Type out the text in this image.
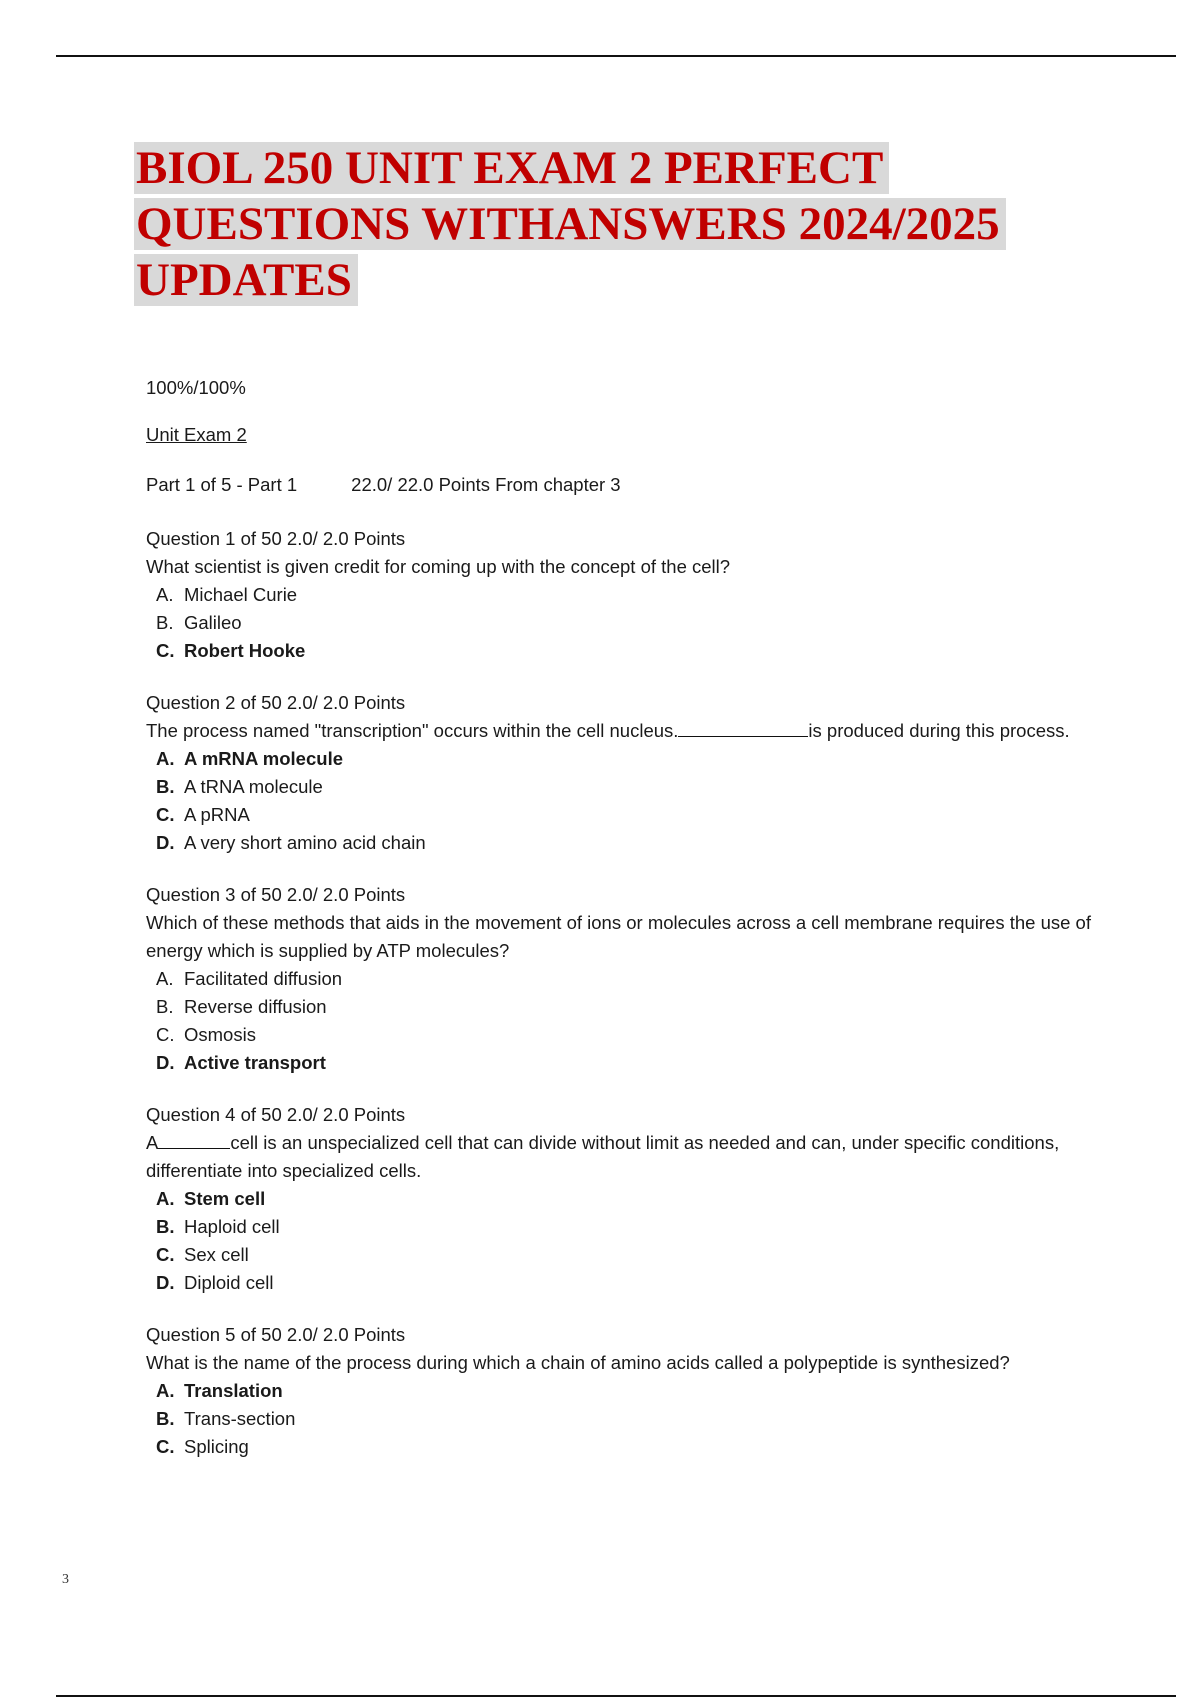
BIOL 250 UNIT EXAM 2 PERFECT
QUESTIONS WITHANSWERS 2024/2025
UPDATES

100%/100%

Unit Exam 2

Part 1 of 5 - Part 1	22.0/ 22.0 Points From chapter 3

Question 1 of 50 2.0/ 2.0 Points

What scientist is given credit for coming up with the concept of the cell?

A. Michael Curie
B. Galileo
C. Robert Hooke

Question 2 of 50 2.0/ 2.0 Points

The process named "transcription" occurs within the cell nucleus.	is produced during this process.

A. A mRNA molecule
B. A tRNA molecule
C. A pRNA
D. A very short amino acid chain

Question 3 of 50 2.0/ 2.0 Points

Which of these methods that aids in the movement of ions or molecules across a cell membrane requires the use of energy which is supplied by ATP molecules?

A. Facilitated diffusion
B. Reverse diffusion
C. Osmosis
D. Active transport

Question 4 of 50 2.0/ 2.0 Points

A	cell is an unspecialized cell that can divide without limit as needed and can, under specific conditions, differentiate into specialized cells.

A. Stem cell
B. Haploid cell
C. Sex cell
D. Diploid cell

Question 5 of 50 2.0/ 2.0 Points

What is the name of the process during which a chain of amino acids called a polypeptide is synthesized?

A. Translation
B. Trans-section
C. Splicing
3
